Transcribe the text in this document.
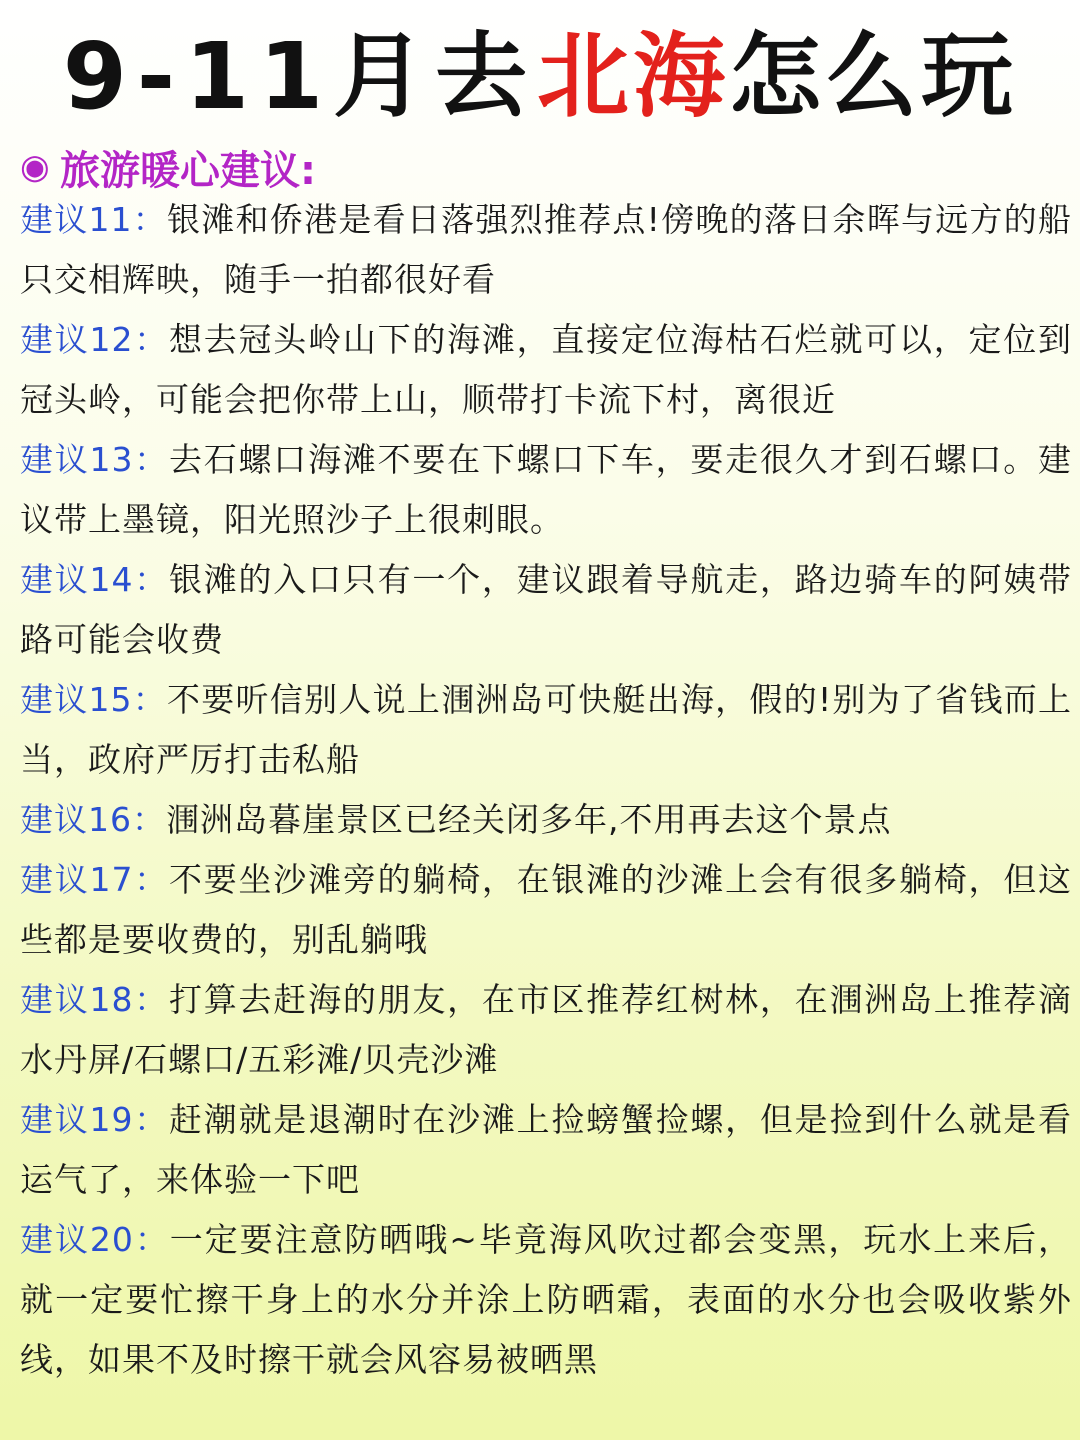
9-11月去 北海 怎么玩
◉ 旅游暖心建议:

建议11：银滩和侨港是看日落强烈推荐点!傍晚的落日余晖与远方的船只交相辉映，随手一拍都很好看

建议12：想去冠头岭山下的海滩，直接定位海枯石烂就可以，定位到冠头岭，可能会把你带上山，顺带打卡流下村，离很近

建议13：去石螺口海滩不要在下螺口下车，要走很久才到石螺口。建议带上墨镜，阳光照沙子上很刺眼。

建议14：银滩的入口只有一个，建议跟着导航走，路边骑车的阿姨带路可能会收费

建议15：不要听信别人说上涠洲岛可快艇出海，假的!别为了省钱而上当，政府严厉打击私船

建议16：涠洲岛暮崖景区已经关闭多年,不用再去这个景点

建议17：不要坐沙滩旁的躺椅，在银滩的沙滩上会有很多躺椅，但这些都是要收费的，别乱躺哦

建议18：打算去赶海的朋友，在市区推荐红树林，在涠洲岛上推荐滴水丹屏/石螺口/五彩滩/贝壳沙滩

建议19：赶潮就是退潮时在沙滩上捡螃蟹捡螺，但是捡到什么就是看运气了，来体验一下吧

建议20：一定要注意防晒哦~毕竟海风吹过都会变黑，玩水上来后，就一定要忙擦干身上的水分并涂上防晒霜，表面的水分也会吸收紫外线，如果不及时擦干就会风容易被晒黑
